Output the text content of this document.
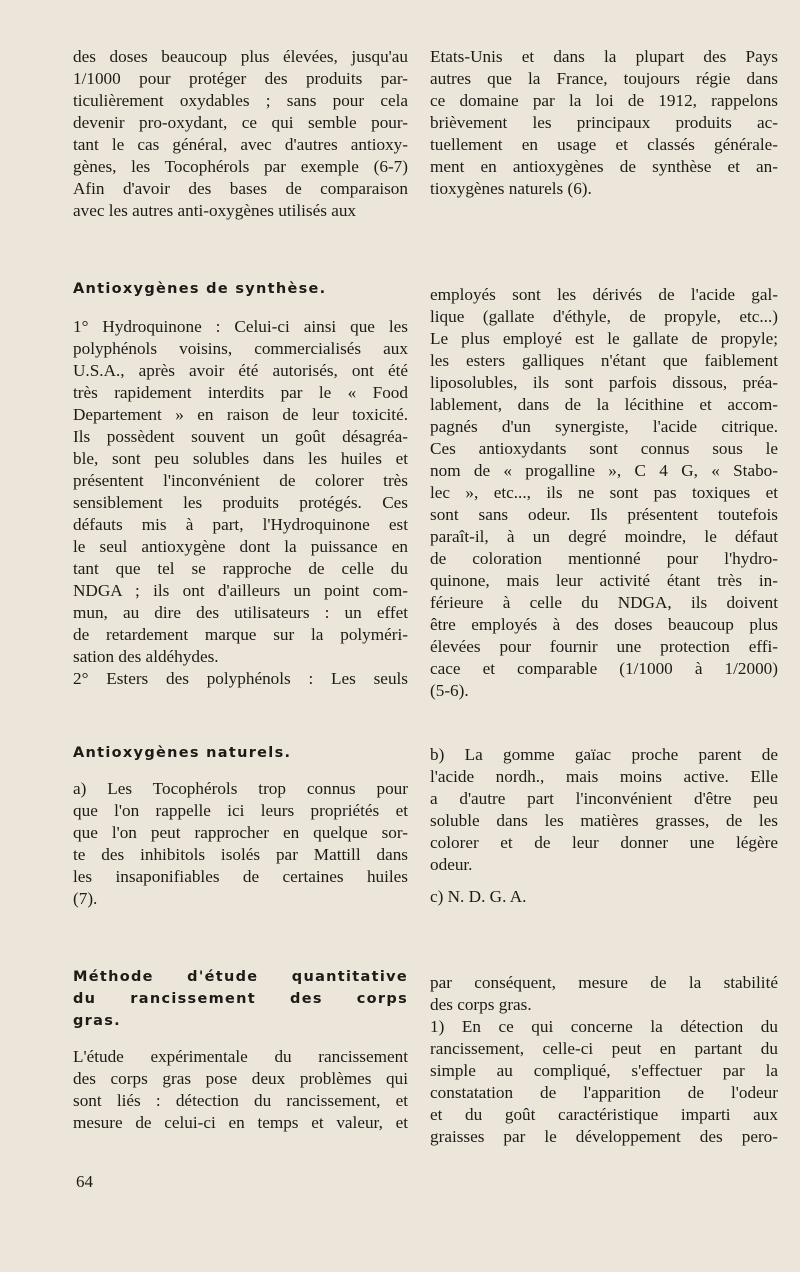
des doses beaucoup plus élevées, jusqu'au

1/1000 pour protéger des produits par-

ticulièrement oxydables ; sans pour cela

devenir pro-oxydant, ce qui semble pour-

tant le cas général, avec d'autres antioxy-

gènes, les Tocophérols par exemple (6-7)

Afin d'avoir des bases de comparaison

avec les autres anti-oxygènes utilisés aux

Antioxygènes de synthèse.

1° Hydroquinone : Celui-ci ainsi que les

polyphénols voisins, commercialisés aux

U.S.A., après avoir été autorisés, ont été

très rapidement interdits par le « Food

Departement » en raison de leur toxicité.

Ils possèdent souvent un goût désagréa-

ble, sont peu solubles dans les huiles et

présentent l'inconvénient de colorer très

sensiblement les produits protégés. Ces

défauts mis à part, l'Hydroquinone est

le seul antioxygène dont la puissance en

tant que tel se rapproche de celle du

NDGA ; ils ont d'ailleurs un point com-

mun, au dire des utilisateurs : un effet

de retardement marque sur la polyméri-

sation des aldéhydes.

2° Esters des polyphénols : Les seuls

Antioxygènes naturels.

a) Les Tocophérols trop connus pour

que l'on rappelle ici leurs propriétés et

que l'on peut rapprocher en quelque sor-

te des inhibitols isolés par Mattill dans

les insaponifiables de certaines huiles

(7).

Méthode d'étude quantitative
du rancissement des corps
gras.

L'étude expérimentale du rancissement

des corps gras pose deux problèmes qui

sont liés : détection du rancissement, et

mesure de celui-ci en temps et valeur, et

Etats-Unis et dans la plupart des Pays

autres que la France, toujours régie dans

ce domaine par la loi de 1912, rappelons

brièvement les principaux produits ac-

tuellement en usage et classés générale-

ment en antioxygènes de synthèse et an-

tioxygènes naturels (6).

employés sont les dérivés de l'acide gal-

lique (gallate d'éthyle, de propyle, etc...)

Le plus employé est le gallate de propyle;

les esters galliques n'étant que faiblement

liposolubles, ils sont parfois dissous, préa-

lablement, dans de la lécithine et accom-

pagnés d'un synergiste, l'acide citrique.

Ces antioxydants sont connus sous le

nom de « progalline », C 4 G, « Stabo-

lec », etc..., ils ne sont pas toxiques et

sont sans odeur. Ils présentent toutefois

paraît-il, à un degré moindre, le défaut

de coloration mentionné pour l'hydro-

quinone, mais leur activité étant très in-

férieure à celle du NDGA, ils doivent

être employés à des doses beaucoup plus

élevées pour fournir une protection effi-

cace et comparable (1/1000 à 1/2000)

(5-6).

b) La gomme gaïac proche parent de

l'acide nordh., mais moins active. Elle

a d'autre part l'inconvénient d'être peu

soluble dans les matières grasses, de les

colorer et de leur donner une légère

odeur.

c) N. D. G. A.

par conséquent, mesure de la stabilité

des corps gras.

1) En ce qui concerne la détection du

rancissement, celle-ci peut en partant du

simple au compliqué, s'effectuer par la

constatation de l'apparition de l'odeur

et du goût caractéristique imparti aux

graisses par le développement des pero-

64
